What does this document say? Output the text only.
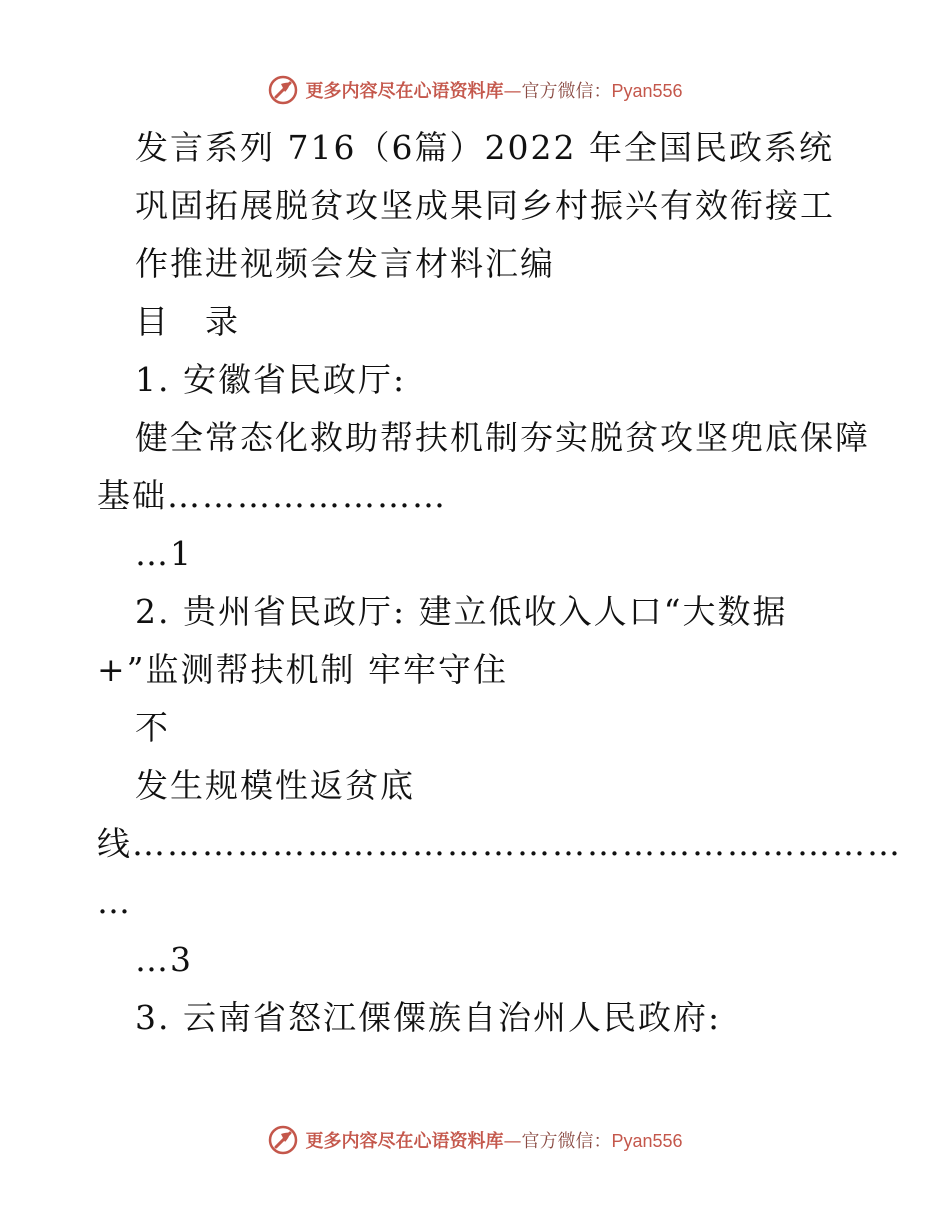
更多内容尽在心语资料库—官方微信：Pyan556
发言系列 716（6篇）2022 年全国民政系统
巩固拓展脱贫攻坚成果同乡村振兴有效衔接工
作推进视频会发言材料汇编
目　录
1. 安徽省民政厅:
健全常态化救助帮扶机制夯实脱贫攻坚兜底保障
基础……………………
…1
2. 贵州省民政厅: 建立低收入人口“大数据
+”监测帮扶机制 牢牢守住
不
发生规模性返贫底
线…………………………………………………………
…
…3
3. 云南省怒江傈僳族自治州人民政府:
更多内容尽在心语资料库—官方微信：Pyan556
